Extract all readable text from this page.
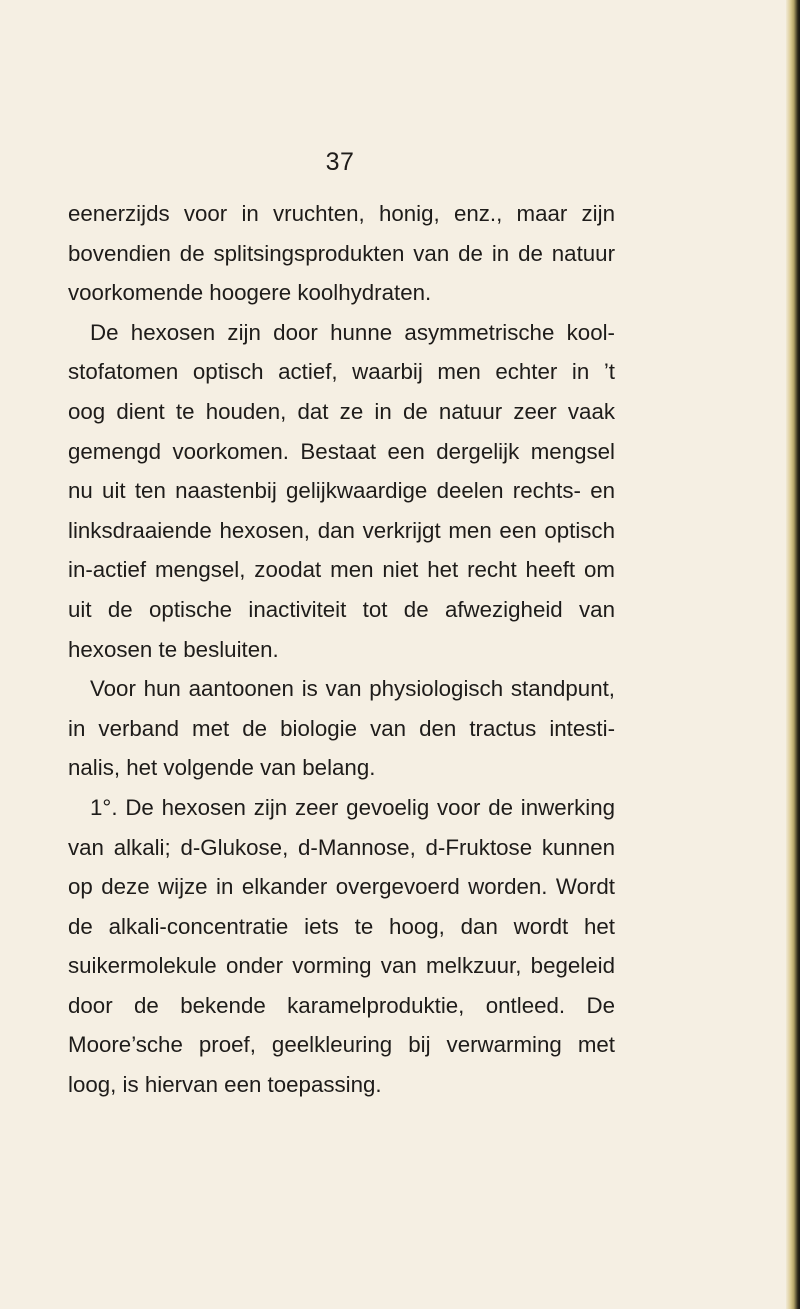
37
eenerzijds voor in vruchten, honig, enz., maar zijn
bovendien de splitsingsprodukten van de in de natuur
voorkomende hoogere koolhydraten.
De hexosen zijn door hunne asymmetrische kool-
stofatomen optisch actief, waarbij men echter in ’t
oog dient te houden, dat ze in de natuur zeer vaak
gemengd voorkomen. Bestaat een dergelijk mengsel
nu uit ten naastenbij gelijkwaardige deelen rechts- en
linksdraaiende hexosen, dan verkrijgt men een optisch
in-actief mengsel, zoodat men niet het recht heeft om
uit de optische inactiviteit tot de afwezigheid van
hexosen te besluiten.
Voor hun aantoonen is van physiologisch standpunt,
in verband met de biologie van den tractus intesti-
nalis, het volgende van belang.
1°. De hexosen zijn zeer gevoelig voor de inwerking
van alkali; d-Glukose, d-Mannose, d-Fruktose kunnen
op deze wijze in elkander overgevoerd worden. Wordt
de alkali-concentratie iets te hoog, dan wordt het
suikermolekule onder vorming van melkzuur, begeleid
door de bekende karamelproduktie, ontleed. De
Moore’sche proef, geelkleuring bij verwarming met
loog, is hiervan een toepassing.
